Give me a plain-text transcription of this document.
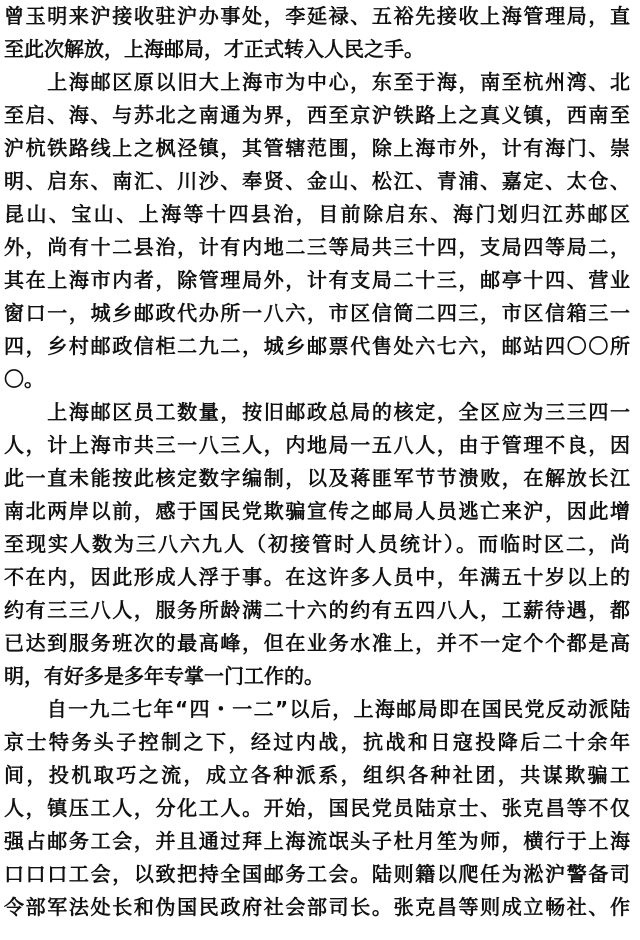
曾玉明来沪接收驻沪办事处，李延禄、五裕先接收上海管理局，直
至此次解放，上海邮局，才正式转入人民之手。
　　上海邮区原以旧大上海市为中心，东至于海，南至杭州湾、北
至启、海、与苏北之南通为界，西至京沪铁路上之真义镇，西南至
沪杭铁路线上之枫泾镇，其管辖范围，除上海市外，计有海门、崇
明、启东、南汇、川沙、奉贤、金山、松江、青浦、嘉定、太仓、
昆山、宝山、上海等十四县治，目前除启东、海门划归江苏邮区
外，尚有十二县治，计有内地二三等局共三十四，支局四等局二，
其在上海市内者，除管理局外，计有支局二十三，邮亭十四、营业
窗口一，城乡邮政代办所一八六，市区信筒二四三，市区信箱三一
四，乡村邮政信柜二九二，城乡邮票代售处六七六，邮站四〇〇所
〇。
　　上海邮区员工数量，按旧邮政总局的核定，全区应为三三四一
人，计上海市共三一八三人，内地局一五八人，由于管理不良，因
此一直未能按此核定数字编制，以及蒋匪军节节溃败，在解放长江
南北两岸以前，感于国民党欺骗宣传之邮局人员逃亡来沪，因此增
至现实人数为三八六九人（初接管时人员统计）。而临时区二，尚
不在内，因此形成人浮于事。在这许多人员中，年满五十岁以上的
约有三三八人，服务所龄满二十六的约有五四八人，工薪待遇，都
已达到服务班次的最高峰，但在业务水准上，并不一定个个都是高
明，有好多是多年专掌一门工作的。
　　自一九二七年“四・一二”以后，上海邮局即在国民党反动派陆
京士特务头子控制之下，经过内战，抗战和日寇投降后二十余年
间，投机取巧之流，成立各种派系，组织各种社团，共谋欺骗工
人，镇压工人，分化工人。开始，国民党员陆京士、张克昌等不仅
强占邮务工会，并且通过拜上海流氓头子杜月笙为师，横行于上海
口口口工会，以致把持全国邮务工会。陆则籍以爬任为淞沪警备司
令部军法处长和伪国民政府社会部司长。张克昌等则成立畅社、作
